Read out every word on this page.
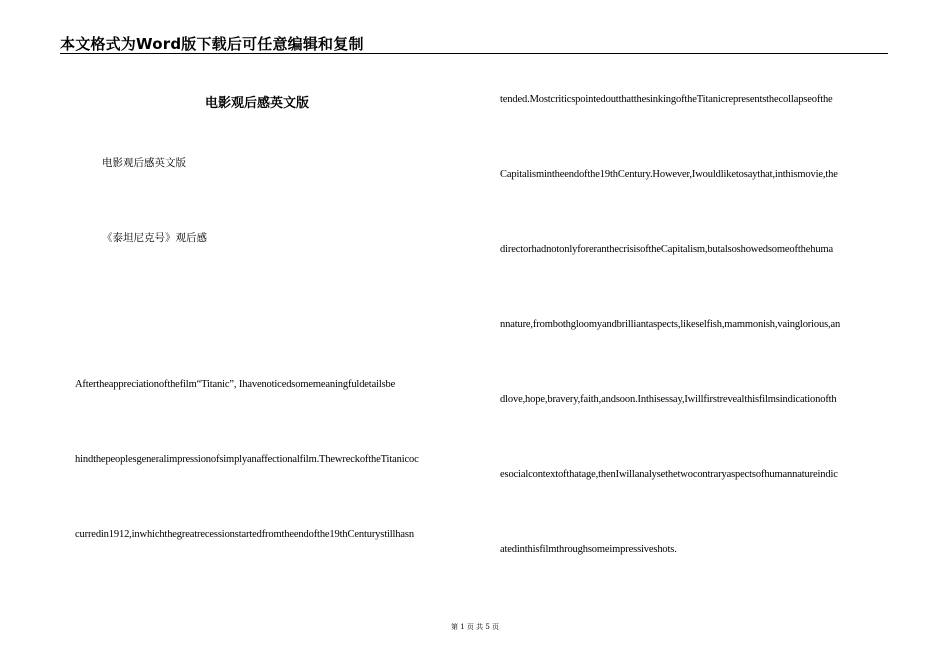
本文格式为Word版下载后可任意编辑和复制
电影观后感英文版
电影观后感英文版
《泰坦尼克号》观后感
Aftertheappreciationofthefilm“Titanic”, Ihavenoticedsomemeaningfuldetailsbe
hindthepeoplesgeneralimpressionofsimplyanaffectionalfilm.ThewreckoftheTitanicoc
curredin1912,inwhichthegreatrecessionstartedfromtheendofthe19thCenturystillhasn
tended.MostcriticspointedoutthatthesinkingoftheTitanicrepresentsthecollapseofthe
Capitalismintheendofthe19thCentury.However,Iwouldliketosaythat,inthismovie,the
directorhadnotonlyforeranthecrisisoftheCapitalism,butalsoshowedsomeofthehuma
nnature,frombothgloomyandbrilliantaspects,likeselfish,mammonish,vainglorious,an
dlove,hope,bravery,faith,andsoon.Inthisessay,Iwillfirstrevealthisfilmsindicationofth
esocialcontextofthatage,thenIwillanalysethetwocontraryaspectsofhumannatureindic
atedinthisfilmthroughsomeimpressiveshots.
第 1 页 共 5 页
